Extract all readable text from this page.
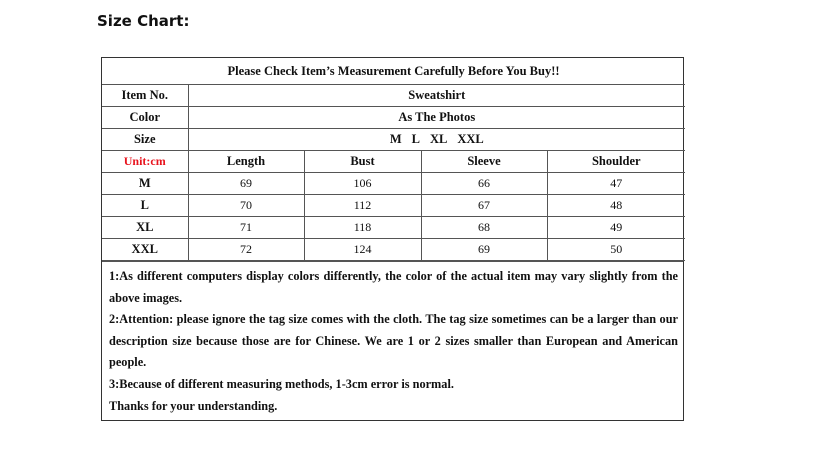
Size Chart:
Please Check Item’s Measurement Carefully Before You Buy!!				
Item No.	Sweatshirt			
Color	As The Photos			
Size	M L XL XXL			
Unit:cm	Length	Bust	Sleeve	Shoulder
M	69	106	66	47
L	70	112	67	48
XL	71	118	68	49
XXL	72	124	69	50

1:As different computers display colors differently, the color of the actual item may vary slightly from the above images.

2:Attention: please ignore the tag size comes with the cloth. The tag size sometimes can be a larger than our description size because those are for Chinese. We are 1 or 2 sizes smaller than European and American people.

3:Because of different measuring methods, 1-3cm error is normal.

Thanks for your understanding.
